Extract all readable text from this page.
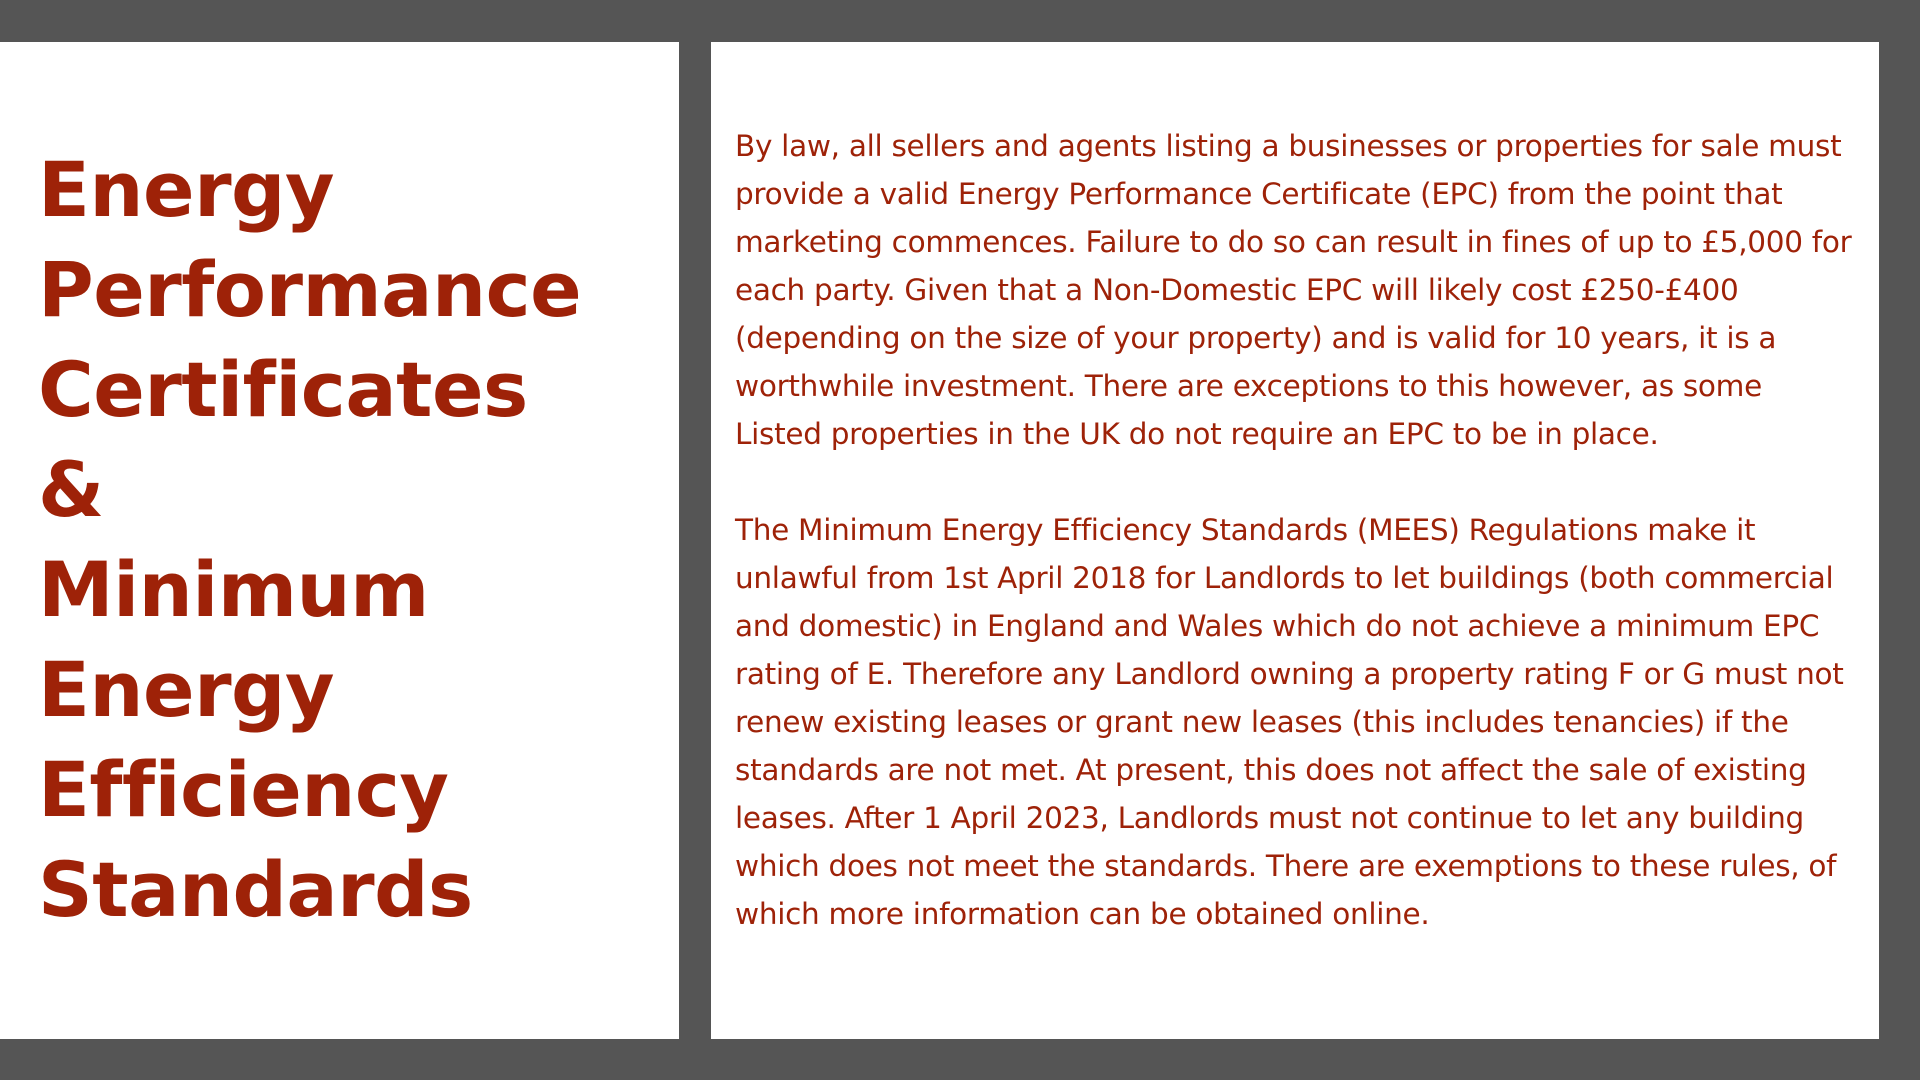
Energy
Performance
Certificates
&
Minimum
Energy
Efficiency
Standards

By law, all sellers and agents listing a businesses or properties for sale must provide a valid Energy Performance Certificate (EPC) from the point that marketing commences. Failure to do so can result in fines of up to £5,000 for each party. Given that a Non-Domestic EPC will likely cost £250-£400 (depending on the size of your property) and is valid for 10 years, it is a worthwhile investment. There are exceptions to this however, as some Listed properties in the UK do not require an EPC to be in place.

The Minimum Energy Efficiency Standards (MEES) Regulations make it unlawful from 1st April 2018 for Landlords to let buildings (both commercial and domestic) in England and Wales which do not achieve a minimum EPC rating of E. Therefore any Landlord owning a property rating F or G must not renew existing leases or grant new leases (this includes tenancies) if the standards are not met. At present, this does not affect the sale of existing leases. After 1 April 2023, Landlords must not continue to let any building which does not meet the standards. There are exemptions to these rules, of which more information can be obtained online.
